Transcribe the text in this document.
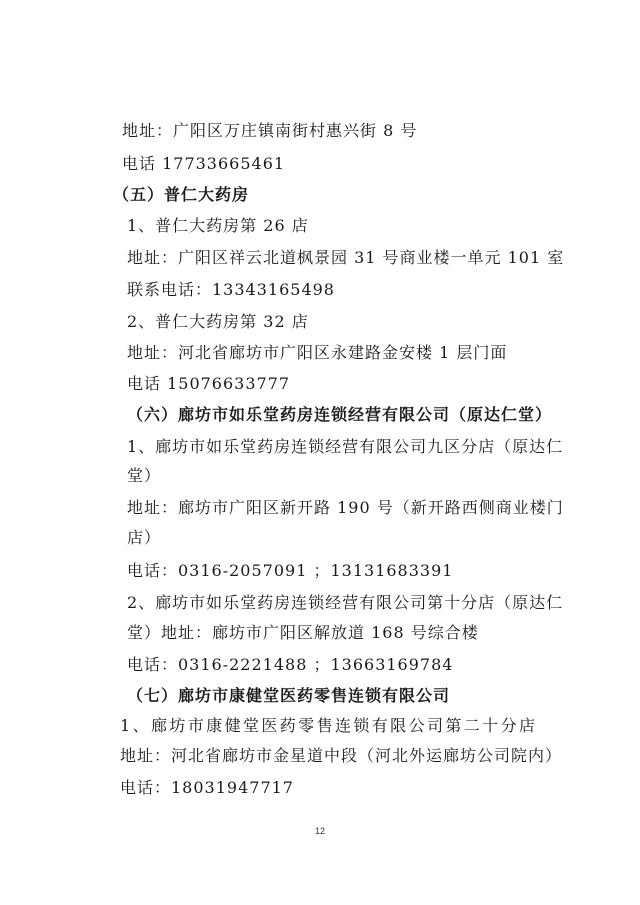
地址：广阳区万庄镇南街村惠兴街 8 号
电话 17733665461
（五）普仁大药房
1、普仁大药房第 26 店
地址：广阳区祥云北道枫景园 31 号商业楼一单元 101 室
联系电话：13343165498
2、普仁大药房第 32 店
地址：河北省廊坊市广阳区永建路金安楼 1 层门面
电话 15076633777
（六）廊坊市如乐堂药房连锁经营有限公司（原达仁堂）
1、廊坊市如乐堂药房连锁经营有限公司九区分店（原达仁
堂）
地址：廊坊市广阳区新开路 190 号（新开路西侧商业楼门
店）
电话：0316-2057091 ；13131683391
2、廊坊市如乐堂药房连锁经营有限公司第十分店（原达仁
堂）地址：廊坊市广阳区解放道 168 号综合楼
电话：0316-2221488 ；13663169784
（七）廊坊市康健堂医药零售连锁有限公司
1、廊坊市康健堂医药零售连锁有限公司第二十分店
地址：河北省廊坊市金星道中段（河北外运廊坊公司院内）
电话：18031947717
12
